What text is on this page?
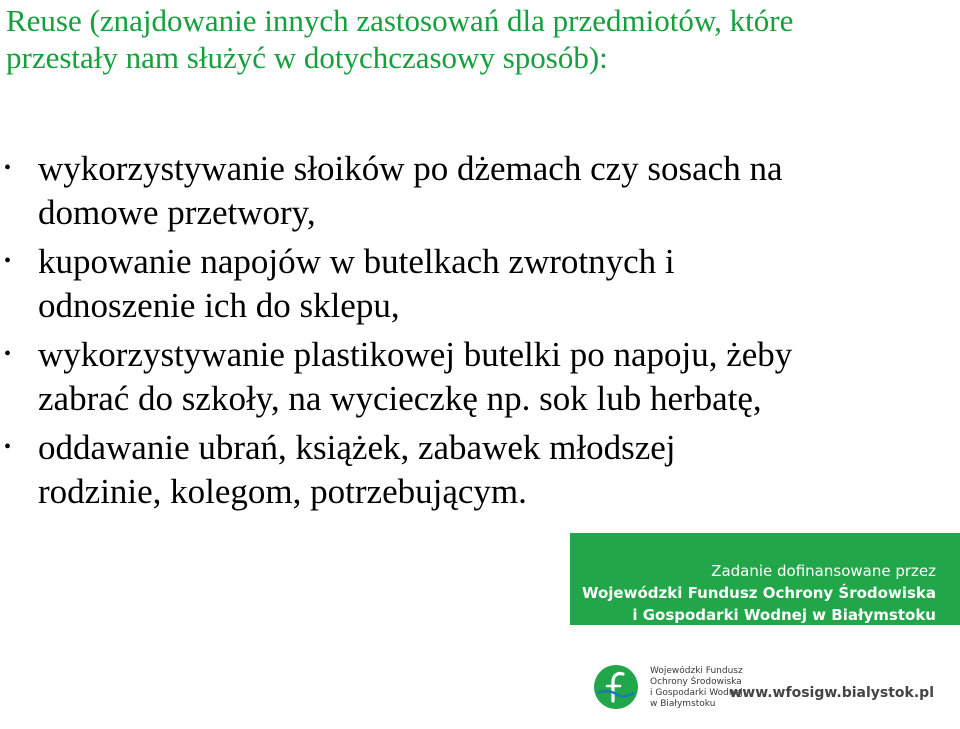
Reuse (znajdowanie innych zastosowań dla przedmiotów, które
przestały nam służyć w dotychczasowy sposób):
• wykorzystywanie słoików po dżemach czy sosach na
domowe przetwory,
• kupowanie napojów w butelkach zwrotnych i
odnoszenie ich do sklepu,
• wykorzystywanie plastikowej butelki po napoju, żeby
zabrać do szkoły, na wycieczkę np. sok lub herbatę,
• oddawanie ubrań, książek, zabawek młodszej
rodzinie, kolegom, potrzebującym.

Zadanie dofinansowane przez

Wojewódzki Fundusz Ochrony Środowiska

i Gospodarki Wodnej w Białymstoku

Wojewódzki Fundusz
Ochrony Środowiska
i Gospodarki Wodnej
w Białymstoku
www.wfosigw.bialystok.pl
